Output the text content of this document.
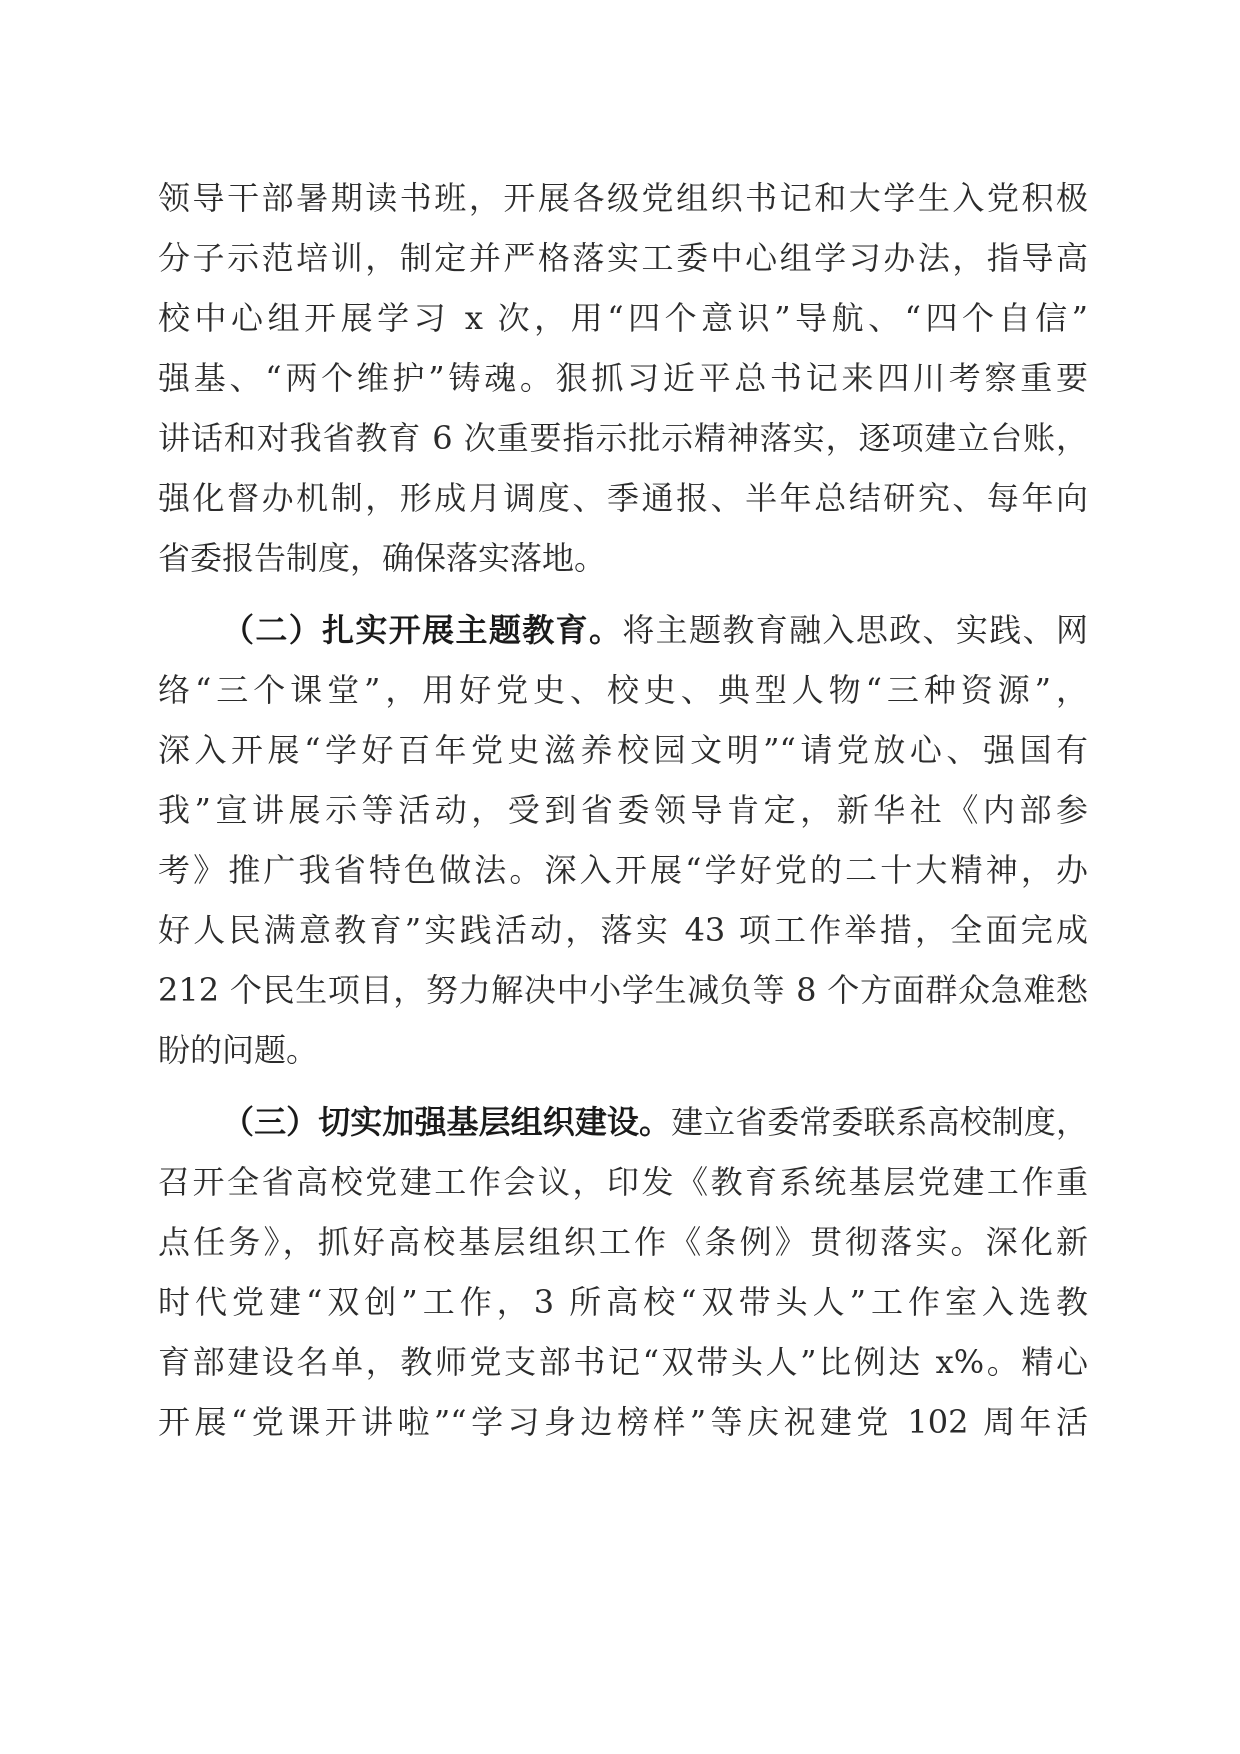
领导干部暑期读书班，开展各级党组织书记和大学生入党积极
分子示范培训，制定并严格落实工委中心组学习办法，指导高
校中心组开展学习 x 次，用“四个意识”导航、“四个自信”
强基、“两个维护”铸魂。狠抓习近平总书记来四川考察重要
讲话和对我省教育 6 次重要指示批示精神落实，逐项建立台账，
强化督办机制，形成月调度、季通报、半年总结研究、每年向
省委报告制度，确保落实落地。
（二）扎实开展主题教育。将主题教育融入思政、实践、网
络“三个课堂”，用好党史、校史、典型人物“三种资源”，
深入开展“学好百年党史滋养校园文明”“请党放心、强国有
我”宣讲展示等活动，受到省委领导肯定，新华社《内部参
考》推广我省特色做法。深入开展“学好党的二十大精神，办
好人民满意教育”实践活动，落实 43 项工作举措，全面完成
212 个民生项目，努力解决中小学生减负等 8 个方面群众急难愁
盼的问题。
（三）切实加强基层组织建设。建立省委常委联系高校制度，
召开全省高校党建工作会议，印发《教育系统基层党建工作重
点任务》，抓好高校基层组织工作《条例》贯彻落实。深化新
时代党建“双创”工作，3 所高校“双带头人”工作室入选教
育部建设名单，教师党支部书记“双带头人”比例达 x%。精心
开展“党课开讲啦”“学习身边榜样”等庆祝建党 102 周年活
